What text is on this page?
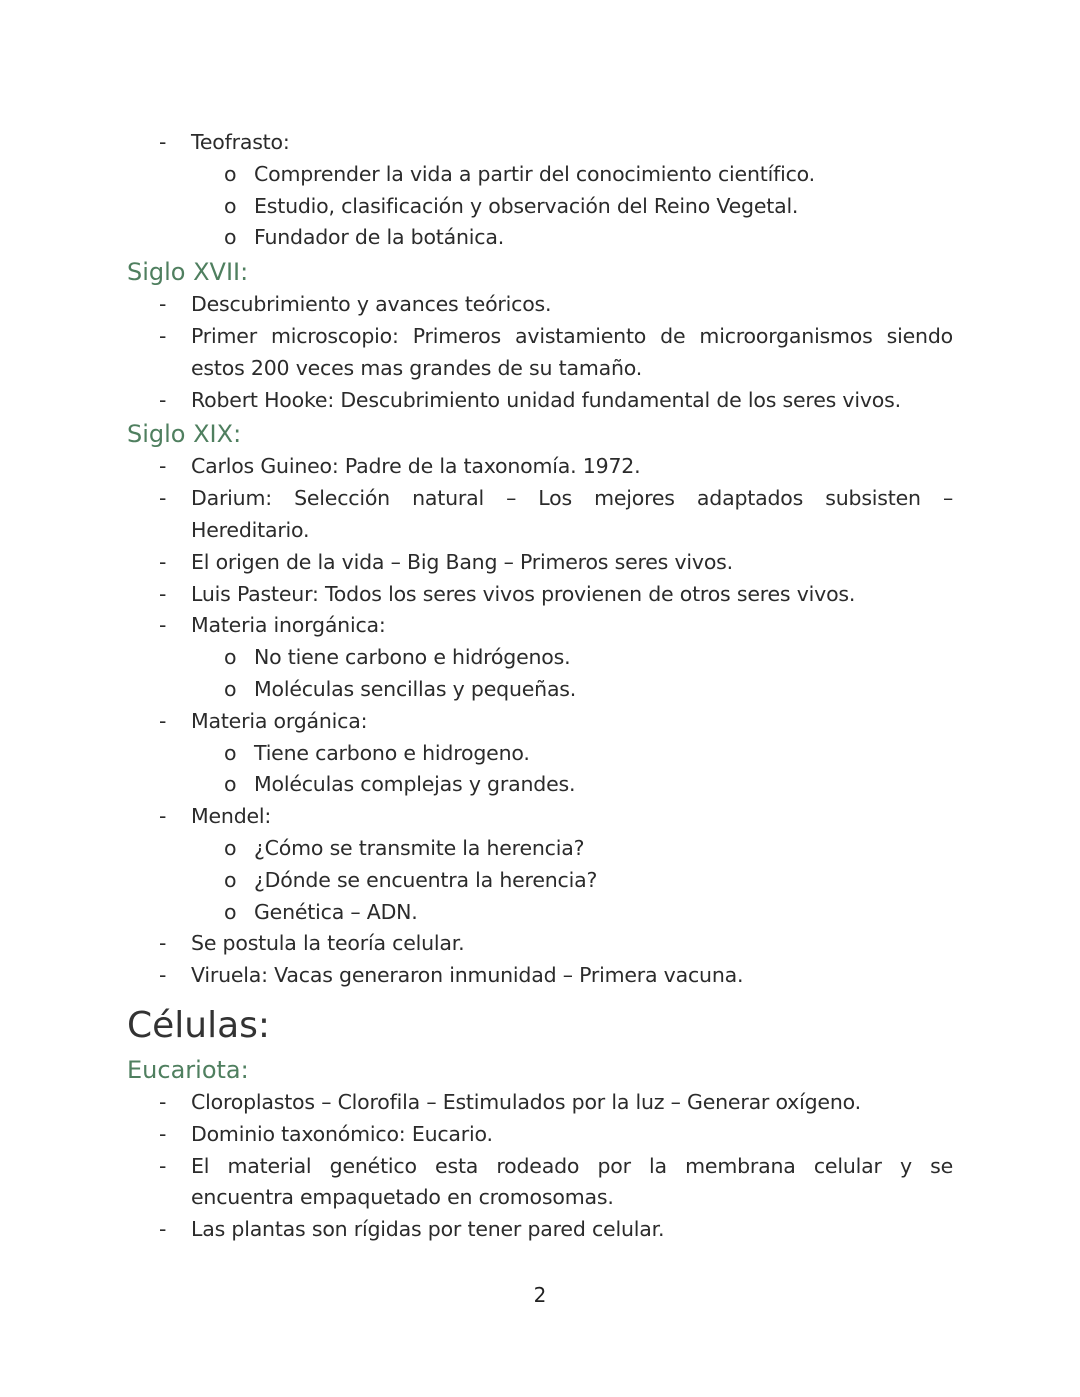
- Teofrasto:
o Comprender la vida a partir del conocimiento científico.
o Estudio, clasificación y observación del Reino Vegetal.
o Fundador de la botánica.
Siglo XVII:
- Descubrimiento y avances teóricos.
- Primer microscopio: Primeros avistamiento de microorganismos siendo
estos 200 veces mas grandes de su tamaño.
- Robert Hooke: Descubrimiento unidad fundamental de los seres vivos.
Siglo XIX:
- Carlos Guineo: Padre de la taxonomía. 1972.
- Darium: Selección natural – Los mejores adaptados subsisten –
Hereditario.
- El origen de la vida – Big Bang – Primeros seres vivos.
- Luis Pasteur: Todos los seres vivos provienen de otros seres vivos.
- Materia inorgánica:
o No tiene carbono e hidrógenos.
o Moléculas sencillas y pequeñas.
- Materia orgánica:
o Tiene carbono e hidrogeno.
o Moléculas complejas y grandes.
- Mendel:
o ¿Cómo se transmite la herencia?
o ¿Dónde se encuentra la herencia?
o Genética – ADN.
- Se postula la teoría celular.
- Viruela: Vacas generaron inmunidad – Primera vacuna.
Células:
Eucariota:
- Cloroplastos – Clorofila – Estimulados por la luz – Generar oxígeno.
- Dominio taxonómico: Eucario.
- El material genético esta rodeado por la membrana celular y se
encuentra empaquetado en cromosomas.
- Las plantas son rígidas por tener pared celular.
2
